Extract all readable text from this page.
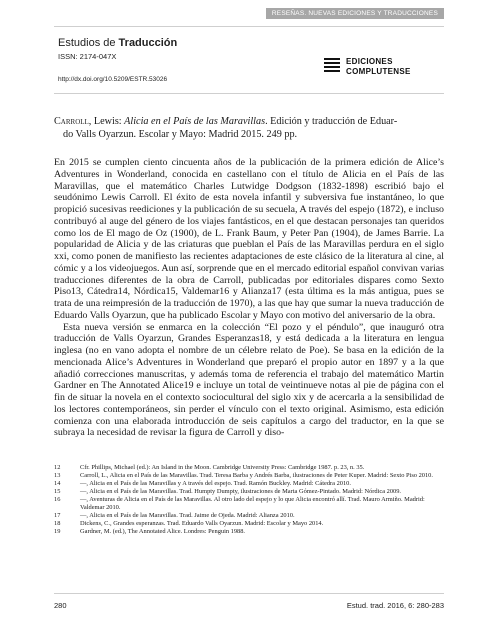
RESEÑAS. NUEVAS EDICIONES Y TRADUCCIONES
Estudios de Traducción
ISSN: 2174-047X
http://dx.doi.org/10.5209/ESTR.53026
EDICIONES
COMPLUTENSE
Carroll, Lewis: Alicia en el País de las Maravillas. Edición y traducción de Eduar-
do Valls Oyarzun. Escolar y Mayo: Madrid 2015. 249 pp.

En 2015 se cumplen ciento cincuenta años de la publicación de la primera edición de Alice’s Adventures in Wonderland, conocida en castellano con el título de Alicia en el País de las Maravillas, que el matemático Charles Lutwidge Dodgson (1832-1898) escribió bajo el seudónimo Lewis Carroll. El éxito de esta novela infantil y subversiva fue instantáneo, lo que propició sucesivas reediciones y la publicación de su secuela, A través del espejo (1872), e incluso contribuyó al auge del género de los viajes fantásticos, en el que destacan personajes tan queridos como los de El mago de Oz (1900), de L. Frank Baum, y Peter Pan (1904), de James Barrie. La popularidad de Alicia y de las criaturas que pueblan el País de las Maravillas perdura en el siglo xxi, como ponen de manifiesto las recientes adaptaciones de este clásico de la literatura al cine, al cómic y a los videojuegos. Aun así, sorprende que en el mercado editorial español convivan varias traducciones diferentes de la obra de Carroll, publicadas por editoriales dispares como Sexto Piso13, Cátedra14, Nórdica15, Valdemar16 y Alianza17 (esta última es la más antigua, pues se trata de una reimpresión de la traducción de 1970), a las que hay que sumar la nueva traducción de Eduardo Valls Oyarzun, que ha publicado Escolar y Mayo con motivo del aniversario de la obra.

Esta nueva versión se enmarca en la colección “El pozo y el péndulo”, que inauguró otra traducción de Valls Oyarzun, Grandes Esperanzas18, y está dedicada a la literatura en lengua inglesa (no en vano adopta el nombre de un célebre relato de Poe). Se basa en la edición de la mencionada Alice’s Adventures in Wonderland que preparó el propio autor en 1897 y a la que añadió correcciones manuscritas, y además toma de referencia el trabajo del matemático Martin Gardner en The Annotated Alice19 e incluye un total de veintinueve notas al pie de página con el fin de situar la novela en el contexto sociocultural del siglo xix y de acercarla a la sensibilidad de los lectores contemporáneos, sin perder el vínculo con el texto original. Asimismo, esta edición comienza con una elaborada introducción de seis capítulos a cargo del traductor, en la que se subraya la necesidad de revisar la figura de Carroll y diso-

12	Cfr. Phillips, Michael (ed.): An Island in the Moon. Cambridge University Press: Cambridge 1987. p. 23, n. 35.
13	Carroll, L., Alicia en el País de las Maravillas. Trad. Teresa Barba y Andrés Barba, ilustraciones de Peter Kuper. Madrid: Sexto Piso 2010.
14	—, Alicia en el País de las Maravillas y A través del espejo. Trad. Ramón Buckley. Madrid: Cátedra 2010.
15	—, Alicia en el País de las Maravillas. Trad. Humpty Dumpty, ilustraciones de Marta Gómez-Pintado. Madrid: Nórdica 2009.
16	—, Aventuras de Alicia en el País de las Maravillas. Al otro lado del espejo y lo que Alicia encontró allí. Trad. Mauro Armiño. Madrid: Valdemar 2010.
17	—, Alicia en el País de las Maravillas. Trad. Jaime de Ojeda. Madrid: Alianza 2010.
18	Dickens, C., Grandes esperanzas. Trad. Eduardo Valls Oyarzun. Madrid: Escolar y Mayo 2014.
19	Gardner, M. (ed.), The Annotated Alice. Londres: Penguin 1988.
280	Estud. trad. 2016, 6: 280-283
